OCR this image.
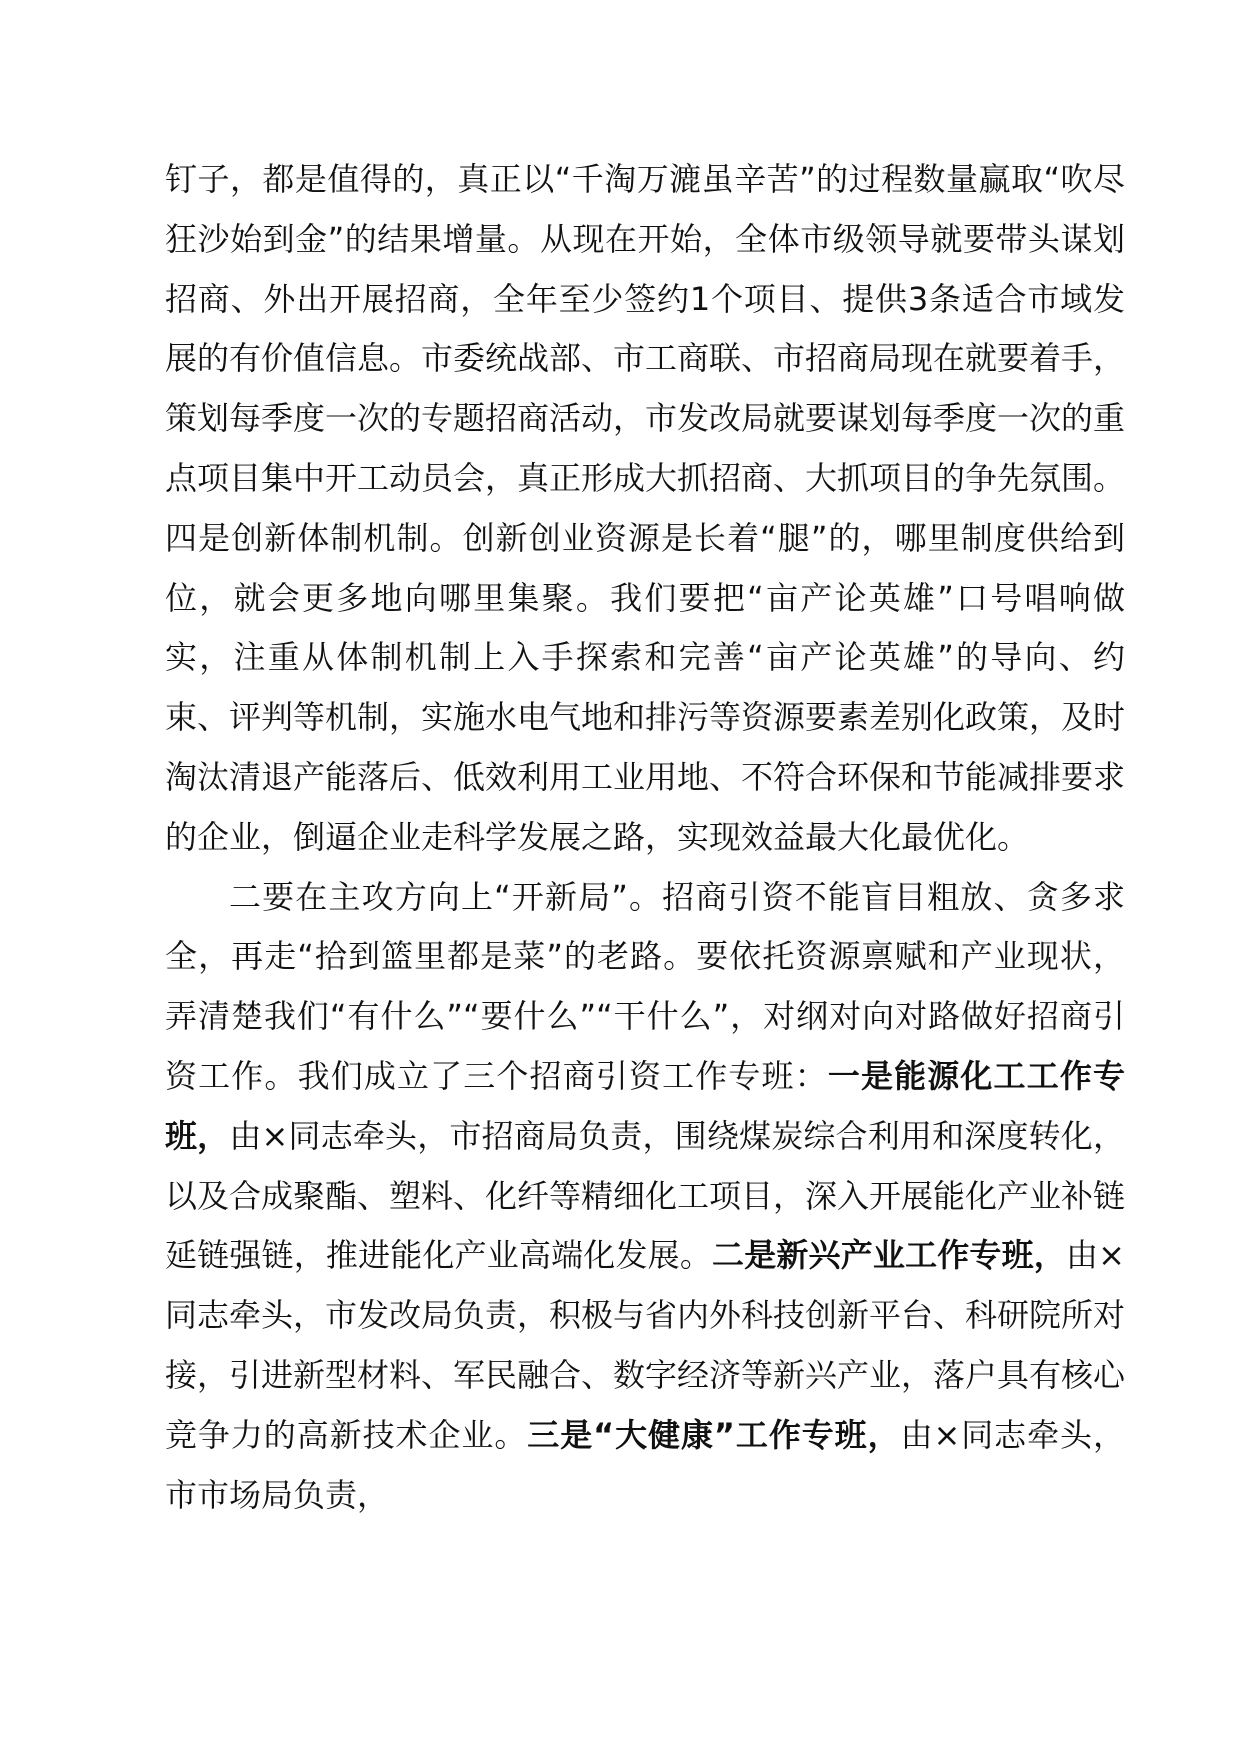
钉子，都是值得的，真正以“千淘万漉虽辛苦”的过程数量赢取“吹尽狂沙始到金”的结果增量。从现在开始，全体市级领导就要带头谋划招商、外出开展招商，全年至少签约1个项目、提供3条适合市域发展的有价值信息。市委统战部、市工商联、市招商局现在就要着手，策划每季度一次的专题招商活动，市发改局就要谋划每季度一次的重点项目集中开工动员会，真正形成大抓招商、大抓项目的争先氛围。四是创新体制机制。创新创业资源是长着“腿”的，哪里制度供给到位，就会更多地向哪里集聚。我们要把“亩产论英雄”口号唱响做实，注重从体制机制上入手探索和完善“亩产论英雄”的导向、约束、评判等机制，实施水电气地和排污等资源要素差别化政策，及时淘汰清退产能落后、低效利用工业用地、不符合环保和节能减排要求的企业，倒逼企业走科学发展之路，实现效益最大化最优化。

二要在主攻方向上“开新局”。招商引资不能盲目粗放、贪多求全，再走“拾到篮里都是菜”的老路。要依托资源禀赋和产业现状，弄清楚我们“有什么”“要什么”“干什么”，对纲对向对路做好招商引资工作。我们成立了三个招商引资工作专班：一是能源化工工作专班，由×同志牵头，市招商局负责，围绕煤炭综合利用和深度转化，以及合成聚酯、塑料、化纤等精细化工项目，深入开展能化产业补链延链强链，推进能化产业高端化发展。二是新兴产业工作专班，由×同志牵头，市发改局负责，积极与省内外科技创新平台、科研院所对接，引进新型材料、军民融合、数字经济等新兴产业，落户具有核心竞争力的高新技术企业。三是“大健康”工作专班，由×同志牵头，市市场局负责，
